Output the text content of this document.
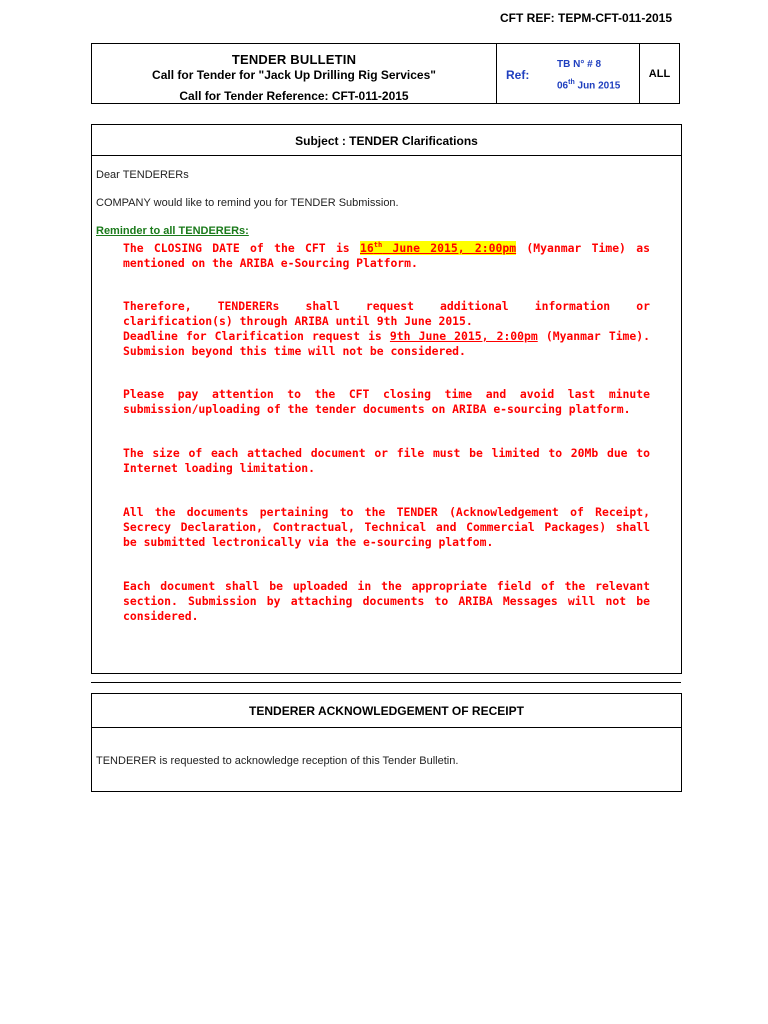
CFT REF: TEPM-CFT-011-2015
TENDER BULLETIN
Call for Tender for "Jack Up Drilling Rig Services"
Call for Tender Reference: CFT-011-2015
Ref:
TB N° # 8
06th Jun 2015
ALL
Subject : TENDER Clarifications
Dear TENDERERs
COMPANY would like to remind you for TENDER Submission.
Reminder to all TENDERERs:
The CLOSING DATE of the CFT is 16th June 2015, 2:00pm (Myanmar Time) as mentioned on the ARIBA e-Sourcing Platform.
Therefore, TENDERERs shall request additional information or clarification(s) through ARIBA until 9th June 2015.
Deadline for Clarification request is 9th June 2015, 2:00pm (Myanmar Time). Submision beyond this time will not be considered.
Please pay attention to the CFT closing time and avoid last minute submission/uploading of the tender documents on ARIBA e-sourcing platform.
The size of each attached document or file must be limited to 20Mb due to Internet loading limitation.
All the documents pertaining to the TENDER (Acknowledgement of Receipt, Secrecy Declaration, Contractual, Technical and Commercial Packages) shall be submitted lectronically via the e-sourcing platfom.
Each document shall be uploaded in the appropriate field of the relevant section. Submission by attaching documents to ARIBA Messages will not be considered.
TENDERER ACKNOWLEDGEMENT OF RECEIPT
TENDERER is requested to acknowledge reception of this Tender Bulletin.
